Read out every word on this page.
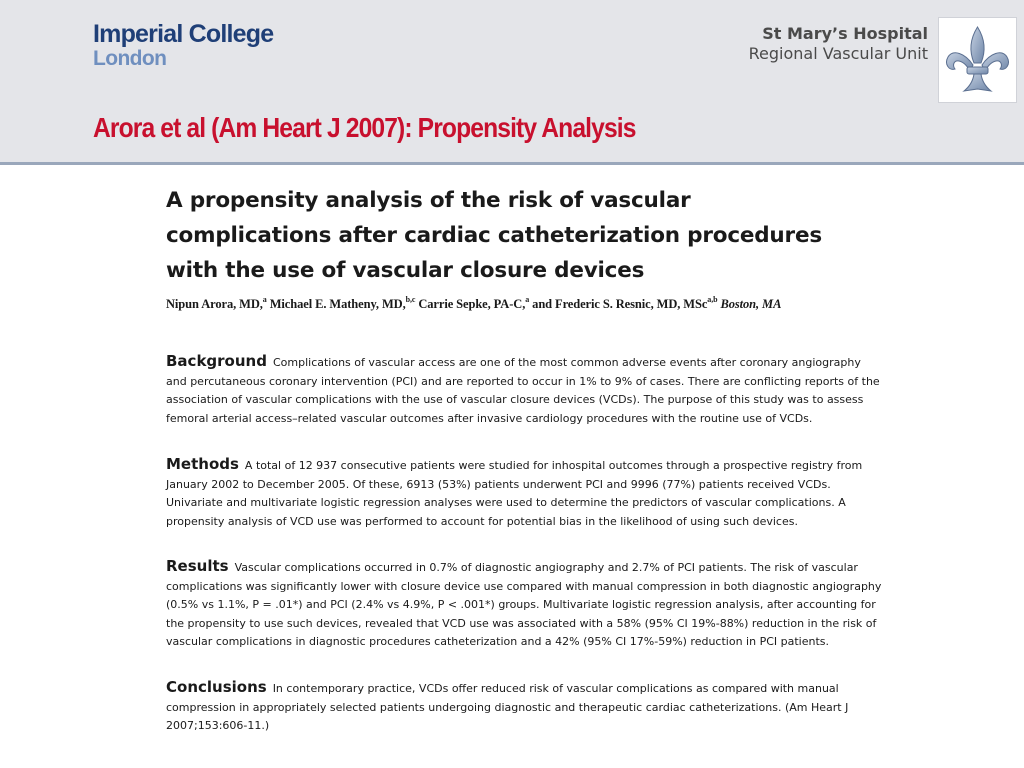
Imperial College
London
St Mary’s Hospital
Regional Vascular Unit
Arora et al (Am Heart J 2007): Propensity Analysis
A propensity analysis of the risk of vascular
complications after cardiac catheterization procedures
with the use of vascular closure devices
Nipun Arora, MD,$^a$ Michael E. Matheny, MD,$^{b,c}$ Carrie Sepke, PA-C,$^a$ and Frederic S. Resnic, MD, MSc$^{a,b}$ Boston, MA
Background Complications of vascular access are one of the most common adverse events after coronary angiography and percutaneous coronary intervention (PCI) and are reported to occur in 1% to 9% of cases. There are conflicting reports of the association of vascular complications with the use of vascular closure devices (VCDs). The purpose of this study was to assess femoral arterial access–related vascular outcomes after invasive cardiology procedures with the routine use of VCDs.
Methods A total of 12 937 consecutive patients were studied for inhospital outcomes through a prospective registry from January 2002 to December 2005. Of these, 6913 (53%) patients underwent PCI and 9996 (77%) patients received VCDs. Univariate and multivariate logistic regression analyses were used to determine the predictors of vascular complications. A propensity analysis of VCD use was performed to account for potential bias in the likelihood of using such devices.
Results Vascular complications occurred in 0.7% of diagnostic angiography and 2.7% of PCI patients. The risk of vascular complications was significantly lower with closure device use compared with manual compression in both diagnostic angiography (0.5% vs 1.1%, P = .01*) and PCI (2.4% vs 4.9%, P < .001*) groups. Multivariate logistic regression analysis, after accounting for the propensity to use such devices, revealed that VCD use was associated with a 58% (95% CI 19%-88%) reduction in the risk of vascular complications in diagnostic procedures catheterization and a 42% (95% CI 17%-59%) reduction in PCI patients.
Conclusions In contemporary practice, VCDs offer reduced risk of vascular complications as compared with manual compression in appropriately selected patients undergoing diagnostic and therapeutic cardiac catheterizations. (Am Heart J 2007;153:606-11.)
